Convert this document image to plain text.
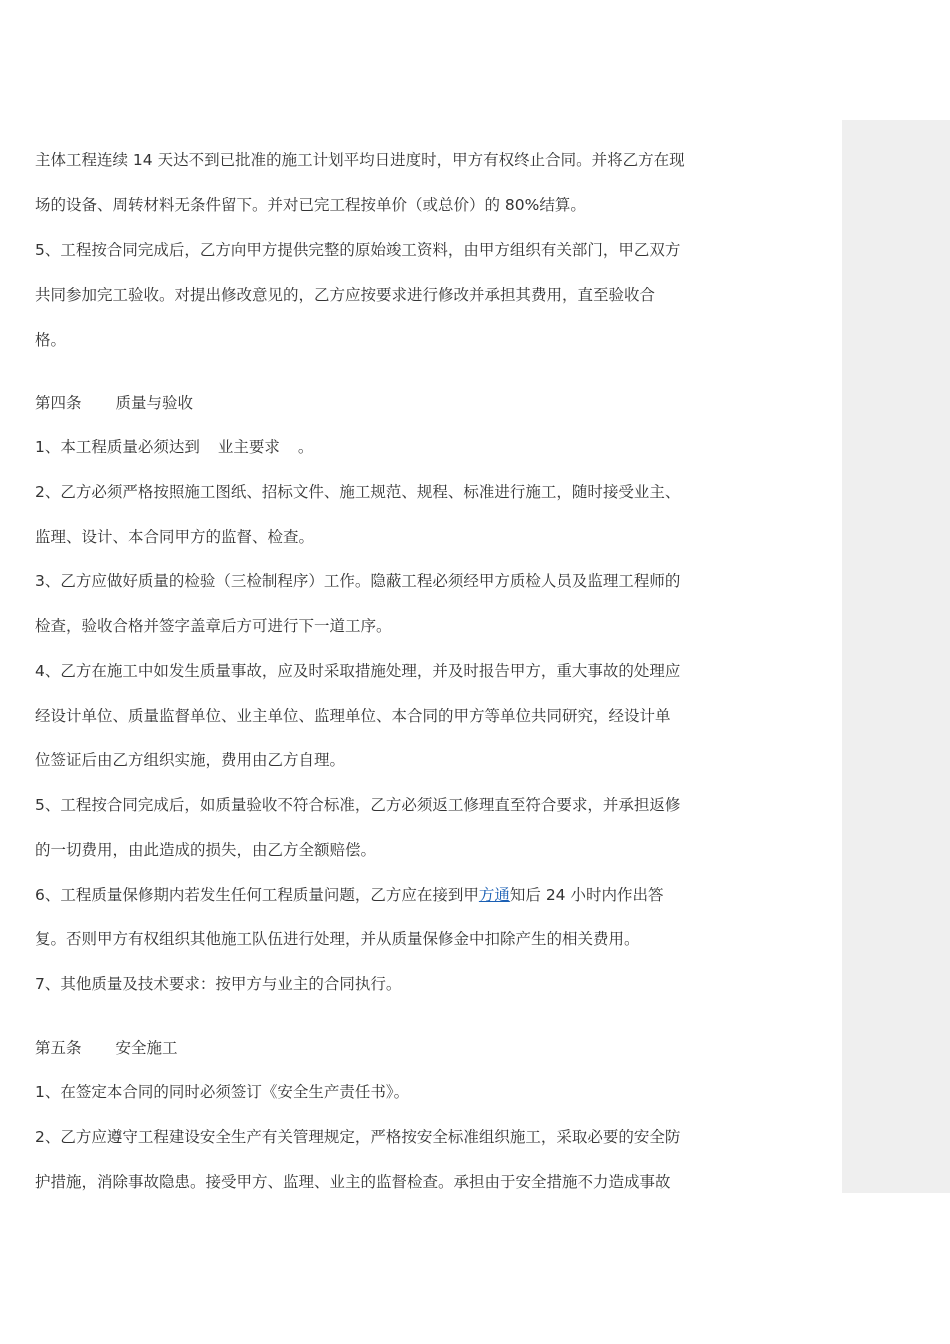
主体工程连续 14 天达不到已批准的施工计划平均日进度时，甲方有权终止合同。并将乙方在现
场的设备、周转材料无条件留下。并对已完工程按单价（或总价）的 80%结算。
5、工程按合同完成后，乙方向甲方提供完整的原始竣工资料，由甲方组织有关部门，甲乙双方
共同参加完工验收。对提出修改意见的，乙方应按要求进行修改并承担其费用，直至验收合
格。
第四条 质量与验收
1、本工程质量必须达到 业主要求 。
2、乙方必须严格按照施工图纸、招标文件、施工规范、规程、标准进行施工，随时接受业主、
监理、设计、本合同甲方的监督、检查。
3、乙方应做好质量的检验（三检制程序）工作。隐蔽工程必须经甲方质检人员及监理工程师的
检查，验收合格并签字盖章后方可进行下一道工序。
4、乙方在施工中如发生质量事故，应及时采取措施处理，并及时报告甲方，重大事故的处理应
经设计单位、质量监督单位、业主单位、监理单位、本合同的甲方等单位共同研究，经设计单
位签证后由乙方组织实施，费用由乙方自理。
5、工程按合同完成后，如质量验收不符合标准，乙方必须返工修理直至符合要求，并承担返修
的一切费用，由此造成的损失，由乙方全额赔偿。
6、工程质量保修期内若发生任何工程质量问题，乙方应在接到甲方通知后 24 小时内作出答
复。否则甲方有权组织其他施工队伍进行处理，并从质量保修金中扣除产生的相关费用。
7、其他质量及技术要求：按甲方与业主的合同执行。
第五条 安全施工
1、在签定本合同的同时必须签订《安全生产责任书》。
2、乙方应遵守工程建设安全生产有关管理规定，严格按安全标准组织施工，采取必要的安全防
护措施，消除事故隐患。接受甲方、监理、业主的监督检查。承担由于安全措施不力造成事故
